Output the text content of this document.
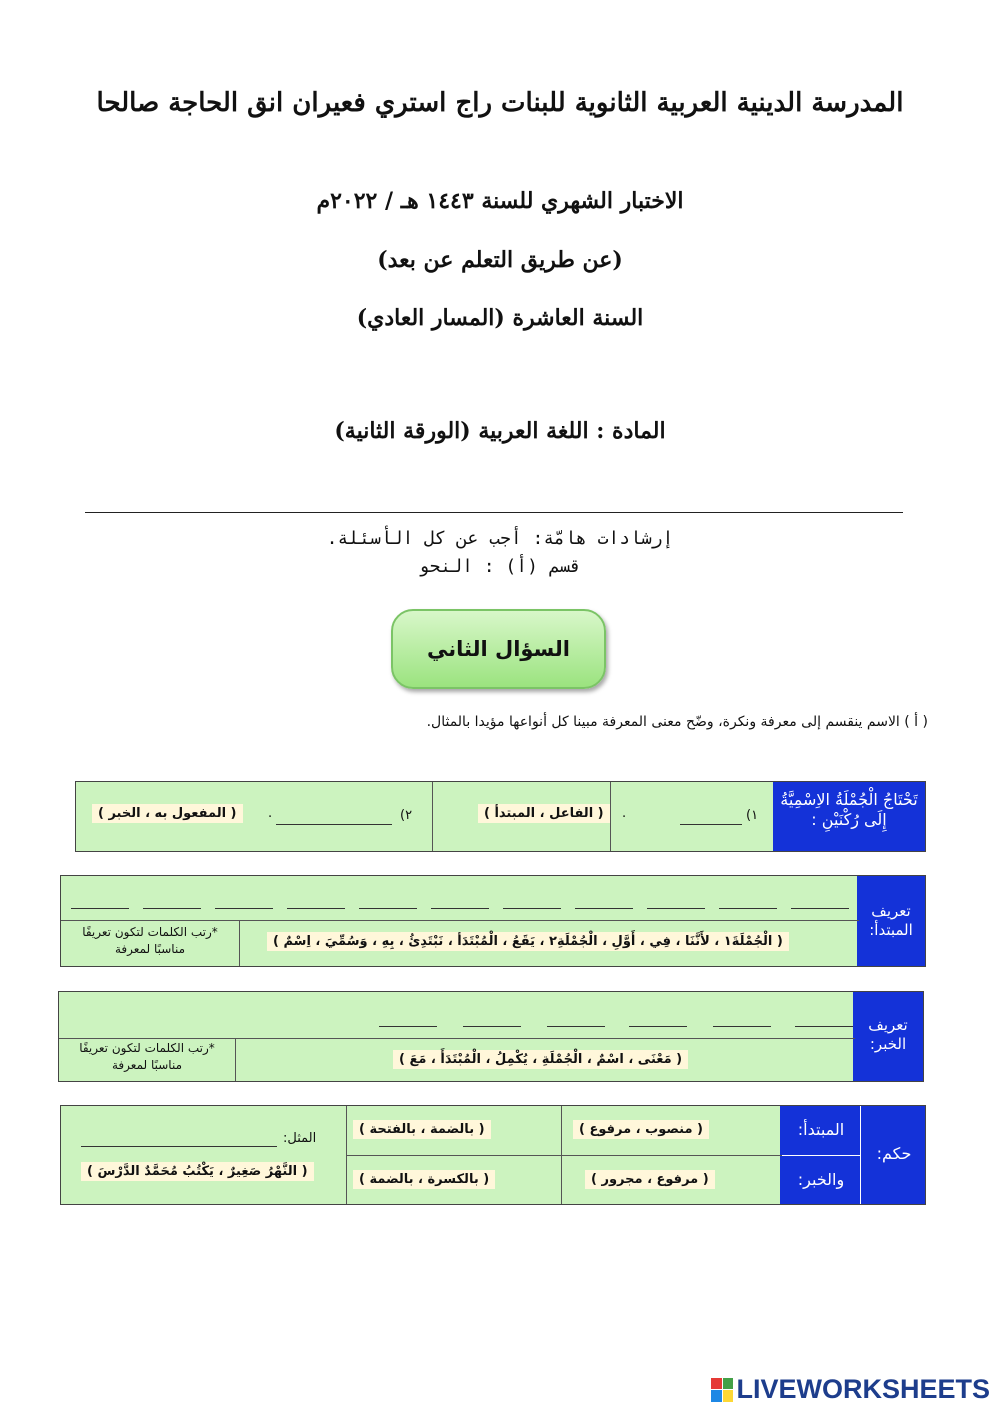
المدرسة الدينية العربية الثانوية للبنات راج استري فعيران انق الحاجة صالحا
الاختبار الشهري للسنة ١٤٤٣ هـ / ٢٠٢٢م
(عن طريق التعلم عن بعد)
السنة العاشرة (المسار العادي)
المادة : اللغة العربية (الورقة الثانية)
إرشادات هامّة: أجب عن كل الأسئلة.
قسم (أ) : النحو
السؤال الثاني
( أ ) الاسم ينقسم إلى معرفة ونكرة، وضّح معنى المعرفة مبينا كل أنواعها مؤيدا بالمثال.
تَحْتَاجُ الْجُمْلَةُ الاِسْمِيَّةُ إِلَى رُكْنَيْنِ :
١)
.
( الفاعل ، المبتدأ )
٢)
.
( المفعول به ، الخبر )
تعريف المبتدأ:
( الْجُمْلَةَ١ ، لأَنَّنَا ، فِي ، أَوَّلِ ، الْجُمْلَةِ٢ ، يَقَعُ ، الْمُبْتَدَأ ، نَبْتَدِئُ ، بِهِ ، وَسُمِّيَ ، اِسْمٌ )
*رتب الكلمات لتكون تعريفًا مناسبًا لمعرفة
تعريف الخبر:
( مَعْنَى ، اسْمٌ ، الْجُمْلَةِ ، يُكْمِلُ ، الْمُبْتَدَأَ ، مَعَ )
*رتب الكلمات لتكون تعريفًا مناسبًا لمعرفة
حكم:
المبتدأ:
والخبر:
( منصوب ، مرفوع )
( بالضمة ، بالفتحة )
( مرفوع ، مجرور )
( بالكسرة ، بالضمة )
المثل:
( النَّهْرُ صَغِيرٌ ، يَكْتُبُ مُحَمَّدٌ الدَّرْسَ )
LIVEWORKSHEETS
